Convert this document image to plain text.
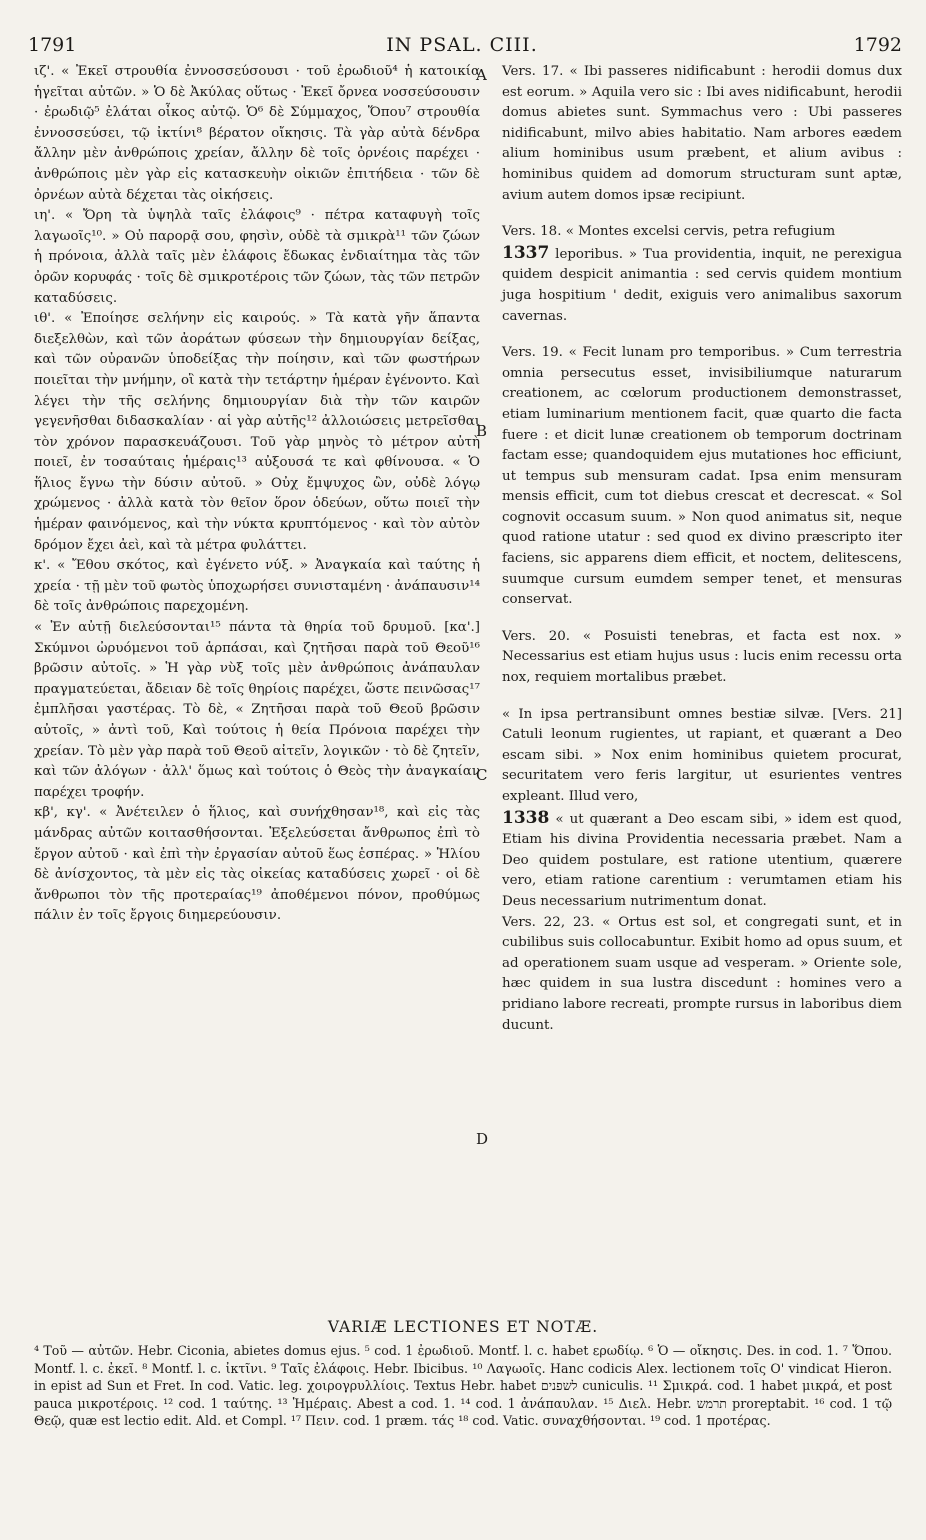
1791	IN PSAL. CIII.	1792

ιζ'. « Ἐκεῖ στρουθία ἐννοσσεύσουσι · τοῦ ἐρωδιοῦ⁴ ἡ κατοικία ἡγεῖται αὐτῶν. » Ὁ δὲ Ἀκύλας οὕτως · Ἐκεῖ ὄρνεα νοσσεύσουσιν · ἐρωδιῷ⁵ ἐλάται οἶκος αὐτῷ. Ὁ⁶ δὲ Σύμμαχος, Ὅπου⁷ στρουθία ἐννοσσεύσει, τῷ ἰκτίνι⁸ βέρατον οἴκησις. Τὰ γὰρ αὐτὰ δένδρα ἄλλην μὲν ἀνθρώποις χρείαν, ἄλλην δὲ τοῖς ὀρνέοις παρέχει · ἀνθρώποις μὲν γὰρ εἰς κατασκευὴν οἰκιῶν ἐπιτήδεια · τῶν δὲ ὀρνέων αὐτὰ δέχεται τὰς οἰκήσεις.

ιη'. « Ὄρη τὰ ὑψηλὰ ταῖς ἐλάφοις⁹ · πέτρα καταφυγὴ τοῖς λαγωοῖς¹⁰. » Οὐ παρορᾷ σου, φησὶν, οὐδὲ τὰ σμικρὰ¹¹ τῶν ζώων ἡ πρόνοια, ἀλλὰ ταῖς μὲν ἐλάφοις ἔδωκας ἐνδιαίτημα τὰς τῶν ὀρῶν κορυφάς · τοῖς δὲ σμικροτέροις τῶν ζώων, τὰς τῶν πετρῶν καταδύσεις.

ιθ'. « Ἐποίησε σελήνην εἰς καιρούς. » Τὰ κατὰ γῆν ἅπαντα διεξελθὼν, καὶ τῶν ἀοράτων φύσεων τὴν δημιουργίαν δείξας, καὶ τῶν οὐρανῶν ὑποδείξας τὴν ποίησιν, καὶ τῶν φωστήρων ποιεῖται τὴν μνήμην, οἳ κατὰ τὴν τετάρτην ἡμέραν ἐγένοντο. Καὶ λέγει τὴν τῆς σελήνης δημιουργίαν διὰ τὴν τῶν καιρῶν γεγενῆσθαι διδασκαλίαν · αἱ γὰρ αὐτῆς¹² ἀλλοιώσεις μετρεῖσθαι τὸν χρόνον παρασκευάζουσι. Τοῦ γὰρ μηνὸς τὸ μέτρον αὐτὴ ποιεῖ, ἐν τοσαύταις ἡμέραις¹³ αὐξουσά τε καὶ φθίνουσα. « Ὁ ἥλιος ἔγνω τὴν δύσιν αὐτοῦ. » Οὐχ ἔμψυχος ὢν, οὐδὲ λόγῳ χρώμενος · ἀλλὰ κατὰ τὸν θεῖον ὅρον ὁδεύων, οὕτω ποιεῖ τὴν ἡμέραν φαινόμενος, καὶ τὴν νύκτα κρυπτόμενος · καὶ τὸν αὐτὸν δρόμον ἔχει ἀεὶ, καὶ τὰ μέτρα φυλάττει.

κ'. « Ἔθου σκότος, καὶ ἐγένετο νύξ. » Ἀναγκαία καὶ ταύτης ἡ χρεία · τῇ μὲν τοῦ φωτὸς ὑποχωρήσει συνισταμένη · ἀνάπαυσιν¹⁴ δὲ τοῖς ἀνθρώποις παρεχομένη.

« Ἐν αὐτῇ διελεύσονται¹⁵ πάντα τὰ θηρία τοῦ δρυμοῦ. [κα'.] Σκύμνοι ὠρυόμενοι τοῦ ἁρπάσαι, καὶ ζητῆσαι παρὰ τοῦ Θεοῦ¹⁶ βρῶσιν αὐτοῖς. » Ἡ γὰρ νὺξ τοῖς μὲν ἀνθρώποις ἀνάπαυλαν πραγματεύεται, ἄδειαν δὲ τοῖς θηρίοις παρέχει, ὥστε πεινῶσας¹⁷ ἐμπλῆσαι γαστέρας. Τὸ δὲ, « Ζητῆσαι παρὰ τοῦ Θεοῦ βρῶσιν αὐτοῖς, » ἀντὶ τοῦ, Καὶ τούτοις ἡ θεία Πρόνοια παρέχει τὴν χρείαν. Τὸ μὲν γὰρ παρὰ τοῦ Θεοῦ αἰτεῖν, λογικῶν · τὸ δὲ ζητεῖν, καὶ τῶν ἀλόγων · ἀλλ' ὅμως καὶ τούτοις ὁ Θεὸς τὴν ἀναγκαίαν παρέχει τροφήν.

κβ', κγ'. « Ἀνέτειλεν ὁ ἥλιος, καὶ συνήχθησαν¹⁸, καὶ εἰς τὰς μάνδρας αὐτῶν κοιτασθήσονται. Ἐξελεύσεται ἄνθρωπος ἐπὶ τὸ ἔργον αὐτοῦ · καὶ ἐπὶ τὴν ἐργασίαν αὐτοῦ ἕως ἑσπέρας. » Ἡλίου δὲ ἀνίσχοντος, τὰ μὲν εἰς τὰς οἰκείας καταδύσεις χωρεῖ · οἱ δὲ ἄνθρωποι τὸν τῆς προτεραίας¹⁹ ἀποθέμενοι πόνον, προθύμως πάλιν ἐν τοῖς ἔργοις διημερεύουσιν.

A
B
C
D

Vers. 17. « Ibi passeres nidificabunt : herodii domus dux est eorum. » Aquila vero sic : Ibi aves nidificabunt, herodii domus abietes sunt. Symmachus vero : Ubi passeres nidificabunt, milvo abies habitatio. Nam arbores eædem alium hominibus usum præbent, et alium avibus : hominibus quidem ad domorum structuram sunt aptæ, avium autem domos ipsæ recipiunt.

Vers. 18. « Montes excelsi cervis, petra refugium

1337 leporibus. » Tua providentia, inquit, ne perexigua quidem despicit animantia : sed cervis quidem montium juga hospitium ' dedit, exiguis vero animalibus saxorum cavernas.

Vers. 19. « Fecit lunam pro temporibus. » Cum terrestria omnia persecutus esset, invisibiliumque naturarum creationem, ac cœlorum productionem demonstrasset, etiam luminarium mentionem facit, quæ quarto die facta fuere : et dicit lunæ creationem ob temporum doctrinam factam esse; quandoquidem ejus mutationes hoc efficiunt, ut tempus sub mensuram cadat. Ipsa enim mensuram mensis efficit, cum tot diebus crescat et decrescat. « Sol cognovit occasum suum. » Non quod animatus sit, neque quod ratione utatur : sed quod ex divino præscripto iter faciens, sic apparens diem efficit, et noctem, delitescens, suumque cursum eumdem semper tenet, et mensuras conservat.

Vers. 20. « Posuisti tenebras, et facta est nox. » Necessarius est etiam hujus usus : lucis enim recessu orta nox, requiem mortalibus præbet.

« In ipsa pertransibunt omnes bestiæ silvæ. [Vers. 21] Catuli leonum rugientes, ut rapiant, et quærant a Deo escam sibi. » Nox enim hominibus quietem procurat, securitatem vero feris largitur, ut esurientes ventres expleant. Illud vero,

1338 « ut quærant a Deo escam sibi, » idem est quod, Etiam his divina Providentia necessaria præbet. Nam a Deo quidem postulare, est ratione utentium, quærere vero, etiam ratione carentium : verumtamen etiam his Deus necessarium nutrimentum donat.

Vers. 22, 23. « Ortus est sol, et congregati sunt, et in cubilibus suis collocabuntur. Exibit homo ad opus suum, et ad operationem suam usque ad vesperam. » Oriente sole, hæc quidem in sua lustra discedunt : homines vero a pridiano labore recreati, prompte rursus in laboribus diem ducunt.

VARIÆ LECTIONES ET NOTÆ.
⁴ Τοῦ — αὐτῶν. Hebr. Ciconia, abietes domus ejus. ⁵ cod. 1 ἐρωδιοῦ. Montf. l. c. habet ερωδίῳ. ⁶ Ὁ — οἴκησις. Des. in cod. 1. ⁷ Ὅπου. Montf. l. c. ἐκεῖ. ⁸ Montf. l. c. ἰκτῖνι. ⁹ Ταῖς ἐλάφοις. Hebr. Ibicibus. ¹⁰ Λαγωοῖς. Hanc codicis Alex. lectionem τοῖς O' vindicat Hieron. in epist ad Sun et Fret. In cod. Vatic. leg. χοιρογρυλλίοις. Textus Hebr. habet לשפנים cuniculis. ¹¹ Σμικρά. cod. 1 habet μικρά, et post pauca μικροτέροις. ¹² cod. 1 ταύτης. ¹³ Ἡμέραις. Abest a cod. 1. ¹⁴ cod. 1 ἀνάπαυλαν. ¹⁵ Διελ. Hebr. תרמש proreptabit. ¹⁶ cod. 1 τῷ Θεῷ, quæ est lectio edit. Ald. et Compl. ¹⁷ Πειν. cod. 1 præm. τάς ¹⁸ cod. Vatic. συναχθήσονται. ¹⁹ cod. 1 προτέρας.
